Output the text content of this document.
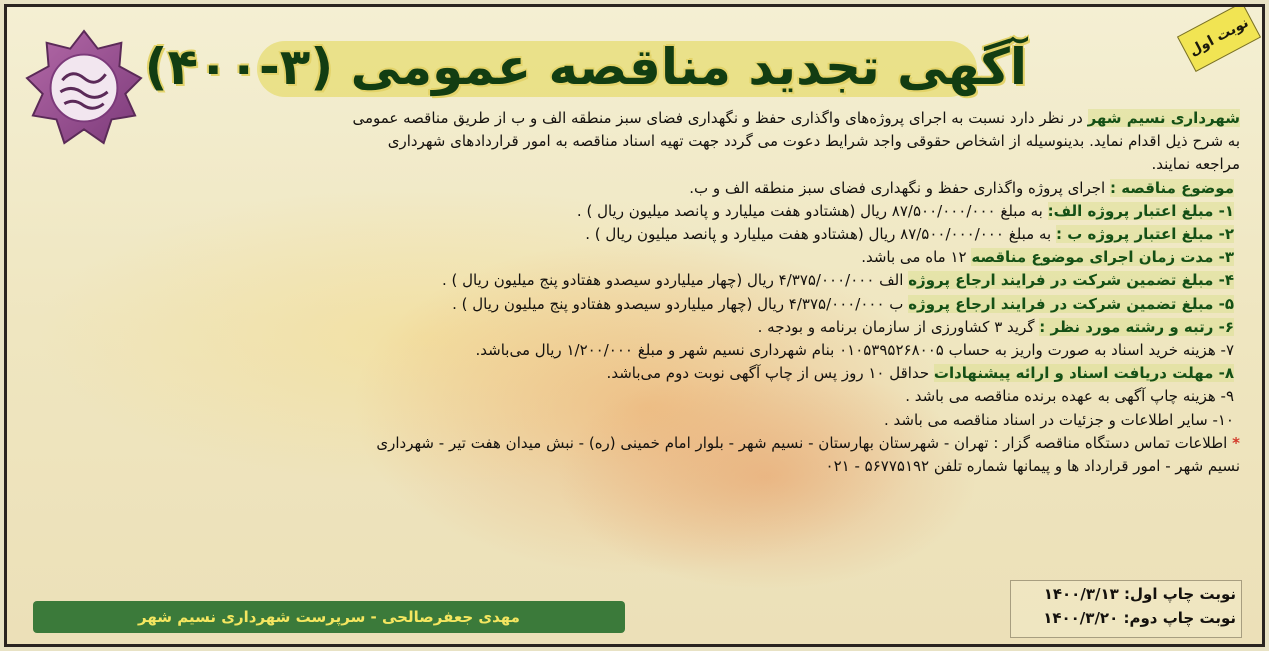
آگهی تجدید مناقصه عمومی (۳-۴۰۰)
نوبت اول
شهرداری نسیم شهر در نظر دارد نسبت به اجرای پروژه‌های واگذاری حفظ و نگهداری فضای سبز منطقه الف و ب از طریق مناقصه عمومی
به شرح ذیل اقدام نماید. بدینوسیله از اشخاص حقوقی واجد شرایط دعوت می گردد جهت تهیه اسناد مناقصه به امور قراردادهای شهرداری
مراجعه نمایند.
موضوع مناقصه : اجرای پروژه واگذاری حفظ و نگهداری فضای سبز منطقه الف و ب.
۱- مبلغ اعتبار پروژه الف: به مبلغ ۸۷/۵۰۰/۰۰۰/۰۰۰ ریال (هشتادو هفت میلیارد و پانصد میلیون ریال ) .
۲- مبلغ اعتبار پروژه ب : به مبلغ ۸۷/۵۰۰/۰۰۰/۰۰۰ ریال (هشتادو هفت میلیارد و پانصد میلیون ریال ) .
۳- مدت زمان اجرای موضوع مناقصه ۱۲ ماه می باشد.
۴- مبلغ تضمین شرکت در فرایند ارجاع پروژه الف ۴/۳۷۵/۰۰۰/۰۰۰ ریال (چهار میلیاردو سیصدو هفتادو پنج میلیون ریال ) .
۵- مبلغ تضمین شرکت در فرایند ارجاع پروژه ب ۴/۳۷۵/۰۰۰/۰۰۰ ریال (چهار میلیاردو سیصدو هفتادو پنج میلیون ریال ) .
۶- رتبه و رشته مورد نظر : گرید ۳ کشاورزی از سازمان برنامه و بودجه .
۷- هزینه خرید اسناد به صورت واریز به حساب ۰۱۰۵۳۹۵۲۶۸۰۰۵ بنام شهرداری نسیم شهر و مبلغ ۱/۲۰۰/۰۰۰ ریال می‌باشد.
۸- مهلت دریافت اسناد و ارائه پیشنهادات حداقل ۱۰ روز پس از چاپ آگهی نوبت دوم می‌باشد.
۹- هزینه چاپ آگهی به عهده برنده مناقصه می باشد .
۱۰- سایر اطلاعات و جزئیات در اسناد مناقصه می باشد .
* اطلاعات تماس دستگاه مناقصه گزار : تهران - شهرستان بهارستان - نسیم شهر - بلوار امام خمینی (ره) - نبش میدان هفت تیر - شهرداری
نسیم شهر - امور قرارداد ها و پیمانها شماره تلفن ۵۶۷۷۵۱۹۲ - ۰۲۱
نوبت چاپ اول: ۱۴۰۰/۳/۱۳
نوبت چاپ دوم: ۱۴۰۰/۳/۲۰
مهدی جعفرصالحی - سرپرست شهرداری نسیم شهر
